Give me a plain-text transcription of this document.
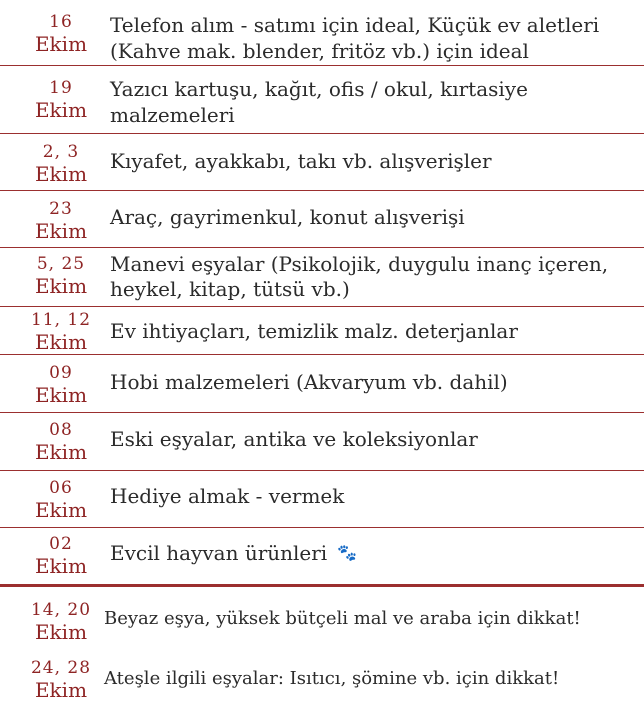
16
Ekim
Telefon alım - satımı için ideal, Küçük ev aletleri (Kahve mak. blender, fritöz vb.) için ideal
19
Ekim
Yazıcı kartuşu, kağıt, ofis / okul, kırtasiye malzemeleri
2, 3
Ekim
Kıyafet, ayakkabı, takı vb. alışverişler
23
Ekim
Araç, gayrimenkul, konut alışverişi
5, 25
Ekim
Manevi eşyalar (Psikolojik, duygulu inanç içeren, heykel, kitap, tütsü vb.)
11, 12
Ekim	Ev ihtiyaçları, temizlik malz. deterjanlar
09
Ekim
Hobi malzemeleri (Akvaryum vb. dahil)
08
Ekim
Eski eşyalar, antika ve koleksiyonlar
06
Ekim
Hediye almak - vermek
02
Ekim
Evcil hayvan ürünleri 🐾
14, 20
Ekim
Beyaz eşya, yüksek bütçeli mal ve araba için dikkat!
24, 28
Ekim Ateşle ilgili eşyalar: Isıtıcı, şömine vb. için dikkat!
